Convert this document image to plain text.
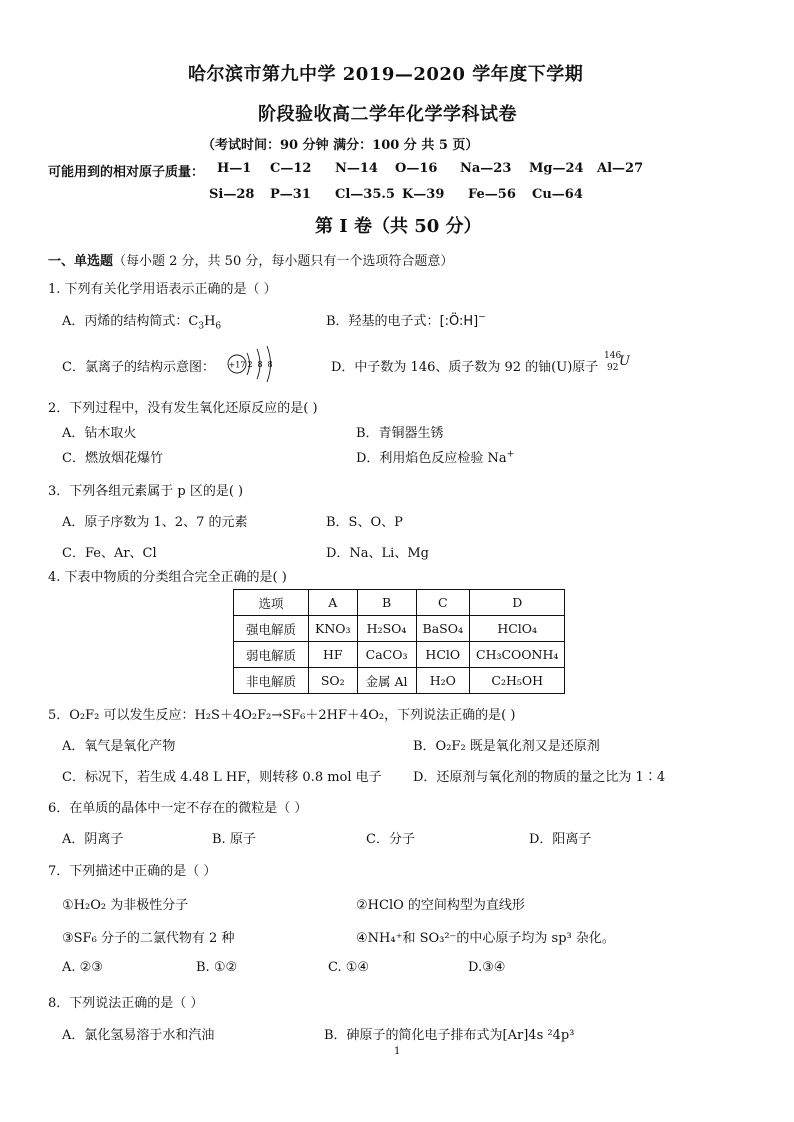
哈尔滨市第九中学 2019—2020 学年度下学期
阶段验收高二学年化学学科试卷
（考试时间：90 分钟 满分：100 分 共 5 页）
可能用到的相对原子质量： H—1 C—12 N—14 O—16 Na—23 Mg—24 Al—27
Si—28 P—31 Cl—35.5 K—39 Fe—56 Cu—64
第 I 卷（共 50 分）
一、单选题（每小题 2 分，共 50 分，每小题只有一个选项符合题意）
1. 下列有关化学用语表示正确的是（ ）
A．丙烯的结构简式：$C_3H_6$	B．羟基的电子式：[:Ö:H]−
C．氯离子的结构示意图： +17 2 8 8	D．中子数为 146、质子数为 92 的铀(U)原子
146
92 U
2．下列过程中，没有发生氧化还原反应的是( )
A．钻木取火	B．青铜器生锈
C．燃放烟花爆竹	D．利用焰色反应检验 Na+
3．下列各组元素属于 p 区的是( )
A．原子序数为 1、2、7 的元素	B．S、O、P
C．Fe、Ar、Cl	D．Na、Li、Mg
4. 下表中物质的分类组合完全正确的是( )
选项	A	B	C	D
强电解质	KNO₃	H₂SO₄	BaSO₄	HClO₄
弱电解质	HF	CaCO₃	HClO	CH₃COONH₄
非电解质	SO₂	金属 Al	H₂O	C₂H₅OH
5．O₂F₂ 可以发生反应：H₂S＋4O₂F₂→SF₆＋2HF＋4O₂，下列说法正确的是( )
A．氧气是氧化产物	B．O₂F₂ 既是氧化剂又是还原剂
C．标况下，若生成 4.48 L HF，则转移 0.8 mol 电子 D．还原剂与氧化剂的物质的量之比为 1∶4
6．在单质的晶体中一定不存在的微粒是（ ）
A．阴离子	B. 原子	C．分子	D．阳离子
7．下列描述中正确的是（ ）
①H₂O₂ 为非极性分子	②HClO 的空间构型为直线形
③SF₆ 分子的二氯代物有 2 种	④NH₄⁺和 SO₃²⁻的中心原子均为 sp³ 杂化。
A. ②③	B. ①②	C. ①④	D.③④
8．下列说法正确的是（ ）
A．氯化氢易溶于水和汽油	B．砷原子的简化电子排布式为[Ar]4s ²4p³
1
